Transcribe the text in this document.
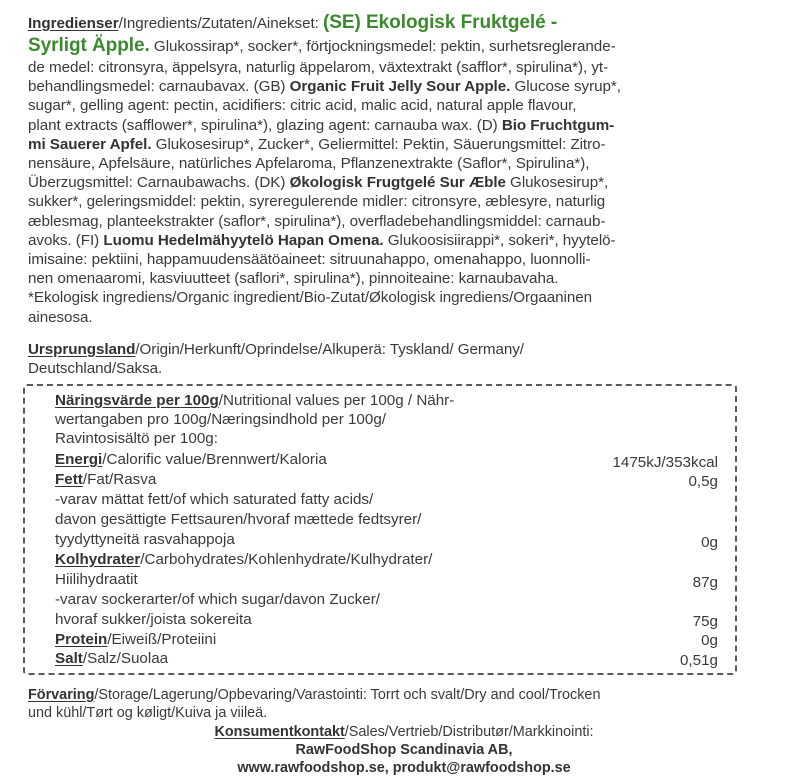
Ingredienser/Ingredients/Zutaten/Ainekset: (SE) Ekologisk Fruktgelé -
Syrligt Äpple. Glukossirap*, socker*, förtjockningsmedel: pektin, surhetsreglerande-
de medel: citronsyra, äppelsyra, naturlig äppelarom, växtextrakt (safflor*, spirulina*), yt-
behandlingsmedel: carnaubavax. (GB) Organic Fruit Jelly Sour Apple. Glucose syrup*,
sugar*, gelling agent: pectin, acidifiers: citric acid, malic acid, natural apple flavour,
plant extracts (safflower*, spirulina*), glazing agent: carnauba wax. (D) Bio Fruchtgum-
mi Sauerer Apfel. Glukosesirup*, Zucker*, Geliermittel: Pektin, Säuerungsmittel: Zitro-
nensäure, Apfelsäure, natürliches Apfelaroma, Pflanzenextrakte (Saflor*, Spirulina*),
Überzugsmittel: Carnaubawachs. (DK) Økologisk Frugtgelé Sur Æble Glukosesirup*,
sukker*, geleringsmiddel: pektin, syreregulerende midler: citronsyre, æblesyre, naturlig
æblesmag, planteekstrakter (saflor*, spirulina*), overfladebehandlingsmiddel: carnaub-
avoks. (FI) Luomu Hedelmähyytelö Hapan Omena. Glukoosisiirappi*, sokeri*, hyytelö-
imisaine: pektiini, happamuudensäätöaineet: sitruunahappo, omenahappo, luonnolli-
nen omenaaromi, kasviuutteet (saflori*, spirulina*), pinnoiteaine: karnaubavaha.
*Ekologisk ingrediens/Organic ingredient/Bio-Zutat/Økologisk ingrediens/Orgaaninen
ainesosa.
Ursprungsland/Origin/Herkunft/Oprindelse/Alkuperä: Tyskland/ Germany/
Deutschland/Saksa.
Näringsvärde per 100g/Nutritional values per 100g / Nähr-
wertangaben pro 100g/Næringsindhold per 100g/
Ravintosisältö per 100g:
Energi/Calorific value/Brennwert/Kaloria	1475kJ/353kcal
Fett/Fat/Rasva	0,5g
-varav mättat fett/of which saturated fatty acids/
davon gesättigte Fettsauren/hvoraf mættede fedtsyrer/
tyydyttyneitä rasvahappoja	0g
Kolhydrater/Carbohydrates/Kohlenhydrate/Kulhydrater/
Hiilihydraatit	87g
-varav sockerarter/of which sugar/davon Zucker/
hvoraf sukker/joista sokereita	75g
Protein/Eiweiß/Proteiini	0g
Salt/Salz/Suolaa	0,51g
Förvaring/Storage/Lagerung/Opbevaring/Varastointi: Torrt och svalt/Dry and cool/Trocken
und kühl/Tørt og køligt/Kuiva ja viileä.
Konsumentkontakt/Sales/Vertrieb/Distributør/Markkinointi:
RawFoodShop Scandinavia AB,
www.rawfoodshop.se, produkt@rawfoodshop.se
